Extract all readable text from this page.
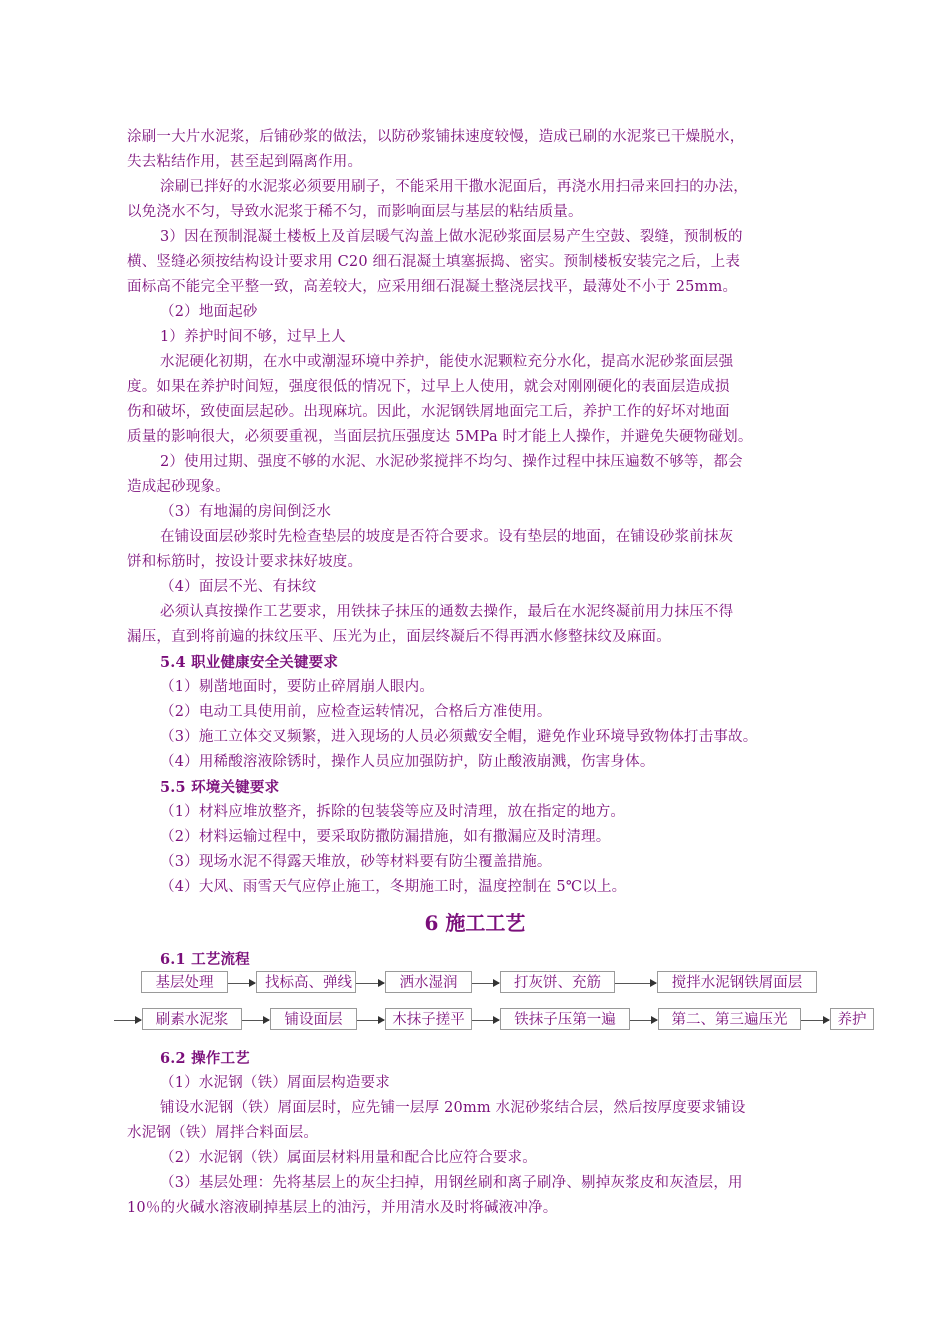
涂刷一大片水泥浆，后铺砂浆的做法，以防砂浆铺抹速度较慢，造成已刷的水泥浆已干燥脱水，
失去粘结作用，甚至起到隔离作用。
涂刷已拌好的水泥浆必须要用刷子，不能采用干撒水泥面后，再浇水用扫帚来回扫的办法，
以免浇水不匀，导致水泥浆于稀不匀，而影响面层与基层的粘结质量。
3）因在预制混凝土楼板上及首层暖气沟盖上做水泥砂浆面层易产生空鼓、裂缝，预制板的
横、竖缝必须按结构设计要求用 C20 细石混凝土填塞振捣、密实。预制楼板安装完之后，上表
面标高不能完全平整一致，高差较大，应采用细石混凝土整浇层找平，最薄处不小于 25mm。
（2）地面起砂
1）养护时间不够，过早上人
水泥硬化初期，在水中或潮湿环境中养护，能使水泥颗粒充分水化，提高水泥砂浆面层强
度。如果在养护时间短，强度很低的情况下，过早上人使用，就会对刚刚硬化的表面层造成损
伤和破坏，致使面层起砂。出现麻坑。因此，水泥钢铁屑地面完工后，养护工作的好坏对地面
质量的影响很大，必须要重视，当面层抗压强度达 5MPa 时才能上人操作，并避免失硬物碰划。
2）使用过期、强度不够的水泥、水泥砂浆搅拌不均匀、操作过程中抹压遍数不够等，都会
造成起砂现象。
（3）有地漏的房间倒泛水
在铺设面层砂浆时先检查垫层的坡度是否符合要求。设有垫层的地面，在铺设砂浆前抹灰
饼和标筋时，按设计要求抹好坡度。
（4）面层不光、有抹纹
必须认真按操作工艺要求，用铁抹子抹压的通数去操作，最后在水泥终凝前用力抹压不得
漏压，直到将前遍的抹纹压平、压光为止，面层终凝后不得再洒水修整抹纹及麻面。
5.4 职业健康安全关键要求
（1）剔凿地面时，要防止碎屑崩人眼内。
（2）电动工具使用前，应检查运转情况，合格后方准使用。
（3）施工立体交叉频繁，进入现场的人员必须戴安全帽，避免作业环境导致物体打击事故。
（4）用稀酸溶液除锈时，操作人员应加强防护，防止酸液崩溅，伤害身体。
5.5 环境关键要求
（1）材料应堆放整齐，拆除的包装袋等应及时清理，放在指定的地方。
（2）材料运输过程中，要采取防撒防漏措施，如有撒漏应及时清理。
（3）现场水泥不得露天堆放，砂等材料要有防尘覆盖措施。
（4）大风、雨雪天气应停止施工，冬期施工时，温度控制在 5℃以上。
6 施工工艺
6.1 工艺流程
基层处理	找标高、弹线	洒水湿润	打灰饼、充筋	搅拌水泥钢铁屑面层
刷素水泥浆	铺设面层	木抹子搓平	铁抹子压第一遍	第二、第三遍压光	养护
6.2 操作工艺
（1）水泥钢（铁）屑面层构造要求
铺设水泥钢（铁）屑面层时，应先铺一层厚 20mm 水泥砂浆结合层，然后按厚度要求铺设
水泥钢（铁）屑拌合料面层。
（2）水泥钢（铁）属面层材料用量和配合比应符合要求。
（3）基层处理：先将基层上的灰尘扫掉，用钢丝刷和离子刷净、剔掉灰浆皮和灰渣层，用
10％的火碱水溶液刷掉基层上的油污，并用清水及时将碱液冲净。
